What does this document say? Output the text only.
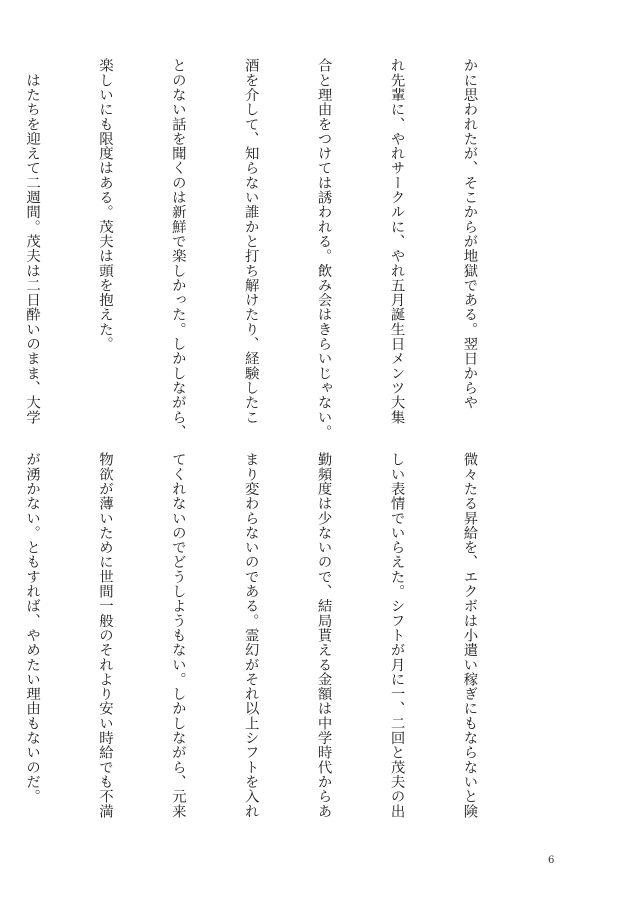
かに思われたが、そこからが地獄である。翌日からや

れ先輩に、やれサークルに、やれ五月誕生日メンツ大集

合と理由をつけては誘われる。飲み会はきらいじゃない。

酒を介して、知らない誰かと打ち解けたり、経験したこ

とのない話を聞くのは新鮮で楽しかった。しかしながら、

楽しいにも限度はある。茂夫は頭を抱えた。

　はたちを迎えて二週間。茂夫は二日酔いのまま、大学

微々たる昇給を、エクボは小遣い稼ぎにもならないと険

しい表情でいらえた。シフトが月に一、二回と茂夫の出

勤頻度は少ないので、結局貰える金額は中学時代からあ

まり変わらないのである。霊幻がそれ以上シフトを入れ

てくれないのでどうしようもない。しかしながら、元来

物欲が薄いために世間一般のそれより安い時給でも不満

が湧かない。ともすれば、やめたい理由もないのだ。

6
